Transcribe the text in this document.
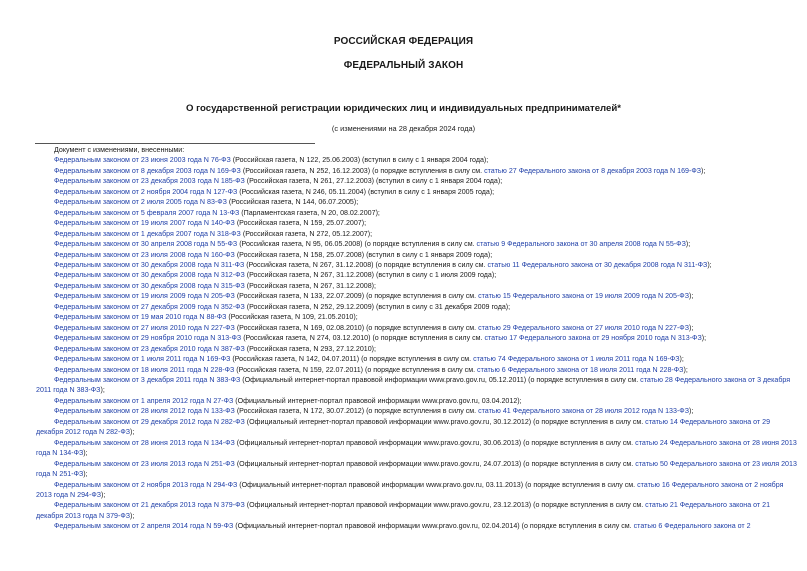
РОССИЙСКАЯ ФЕДЕРАЦИЯ
ФЕДЕРАЛЬНЫЙ ЗАКОН
О государственной регистрации юридических лиц и индивидуальных предпринимателей*
(с изменениями на 28 декабря 2024 года)

Документ с изменениями, внесенными:

Федеральным законом от 23 июня 2003 года N 76-ФЗ (Российская газета, N 122, 25.06.2003) (вступил в силу с 1 января 2004 года);

Федеральным законом от 8 декабря 2003 года N 169-ФЗ (Российская газета, N 252, 16.12.2003) (о порядке вступления в силу см. статью 27 Федерального закона от 8 декабря 2003 года N 169-ФЗ);

Федеральным законом от 23 декабря 2003 года N 185-ФЗ (Российская газета, N 261, 27.12.2003) (вступил в силу с 1 января 2004 года);

Федеральным законом от 2 ноября 2004 года N 127-ФЗ (Российская газета, N 246, 05.11.2004) (вступил в силу с 1 января 2005 года);

Федеральным законом от 2 июля 2005 года N 83-ФЗ (Российская газета, N 144, 06.07.2005);

Федеральным законом от 5 февраля 2007 года N 13-ФЗ (Парламентская газета, N 20, 08.02.2007);

Федеральным законом от 19 июля 2007 года N 140-ФЗ (Российская газета, N 159, 25.07.2007);

Федеральным законом от 1 декабря 2007 года N 318-ФЗ (Российская газета, N 272, 05.12.2007);

Федеральным законом от 30 апреля 2008 года N 55-ФЗ (Российская газета, N 95, 06.05.2008) (о порядке вступления в силу см. статью 9 Федерального закона от 30 апреля 2008 года N 55-ФЗ);

Федеральным законом от 23 июля 2008 года N 160-ФЗ (Российская газета, N 158, 25.07.2008) (вступил в силу с 1 января 2009 года);

Федеральным законом от 30 декабря 2008 года N 311-ФЗ (Российская газета, N 267, 31.12.2008) (о порядке вступления в силу см. статью 11 Федерального закона от 30 декабря 2008 года N 311-ФЗ);

Федеральным законом от 30 декабря 2008 года N 312-ФЗ (Российская газета, N 267, 31.12.2008) (вступил в силу с 1 июля 2009 года);

Федеральным законом от 30 декабря 2008 года N 315-ФЗ (Российская газета, N 267, 31.12.2008);

Федеральным законом от 19 июля 2009 года N 205-ФЗ (Российская газета, N 133, 22.07.2009) (о порядке вступления в силу см. статью 15 Федерального закона от 19 июля 2009 года N 205-ФЗ);

Федеральным законом от 27 декабря 2009 года N 352-ФЗ (Российская газета, N 252, 29.12.2009) (вступил в силу с 31 декабря 2009 года);

Федеральным законом от 19 мая 2010 года N 88-ФЗ (Российская газета, N 109, 21.05.2010);

Федеральным законом от 27 июля 2010 года N 227-ФЗ (Российская газета, N 169, 02.08.2010) (о порядке вступления в силу см. статью 29 Федерального закона от 27 июля 2010 года N 227-ФЗ);

Федеральным законом от 29 ноября 2010 года N 313-ФЗ (Российская газета, N 274, 03.12.2010) (о порядке вступления в силу см. статью 17 Федерального закона от 29 ноября 2010 года N 313-ФЗ);

Федеральным законом от 23 декабря 2010 года N 387-ФЗ (Российская газета, N 293, 27.12.2010);

Федеральным законом от 1 июля 2011 года N 169-ФЗ (Российская газета, N 142, 04.07.2011) (о порядке вступления в силу см. статью 74 Федерального закона от 1 июля 2011 года N 169-ФЗ);

Федеральным законом от 18 июля 2011 года N 228-ФЗ (Российская газета, N 159, 22.07.2011) (о порядке вступления в силу см. статью 6 Федерального закона от 18 июля 2011 года N 228-ФЗ);

Федеральным законом от 3 декабря 2011 года N 383-ФЗ (Официальный интернет-портал правовой информации www.pravo.gov.ru, 05.12.2011) (о порядке вступления в силу см. статью 28 Федерального закона от 3 декабря 2011 года N 383-ФЗ);

Федеральным законом от 1 апреля 2012 года N 27-ФЗ (Официальный интернет-портал правовой информации www.pravo.gov.ru, 03.04.2012);

Федеральным законом от 28 июля 2012 года N 133-ФЗ (Российская газета, N 172, 30.07.2012) (о порядке вступления в силу см. статью 41 Федерального закона от 28 июля 2012 года N 133-ФЗ);

Федеральным законом от 29 декабря 2012 года N 282-ФЗ (Официальный интернет-портал правовой информации www.pravo.gov.ru, 30.12.2012) (о порядке вступления в силу см. статью 14 Федерального закона от 29 декабря 2012 года N 282-ФЗ);

Федеральным законом от 28 июня 2013 года N 134-ФЗ (Официальный интернет-портал правовой информации www.pravo.gov.ru, 30.06.2013) (о порядке вступления в силу см. статью 24 Федерального закона от 28 июня 2013 года N 134-ФЗ);

Федеральным законом от 23 июля 2013 года N 251-ФЗ (Официальный интернет-портал правовой информации www.pravo.gov.ru, 24.07.2013) (о порядке вступления в силу см. статью 50 Федерального закона от 23 июля 2013 года N 251-ФЗ);

Федеральным законом от 2 ноября 2013 года N 294-ФЗ (Официальный интернет-портал правовой информации www.pravo.gov.ru, 03.11.2013) (о порядке вступления в силу см. статью 16 Федерального закона от 2 ноября 2013 года N 294-ФЗ);

Федеральным законом от 21 декабря 2013 года N 379-ФЗ (Официальный интернет-портал правовой информации www.pravo.gov.ru, 23.12.2013) (о порядке вступления в силу см. статью 21 Федерального закона от 21 декабря 2013 года N 379-ФЗ);

Федеральным законом от 2 апреля 2014 года N 59-ФЗ (Официальный интернет-портал правовой информации www.pravo.gov.ru, 02.04.2014) (о порядке вступления в силу см. статью 6 Федерального закона от 2
